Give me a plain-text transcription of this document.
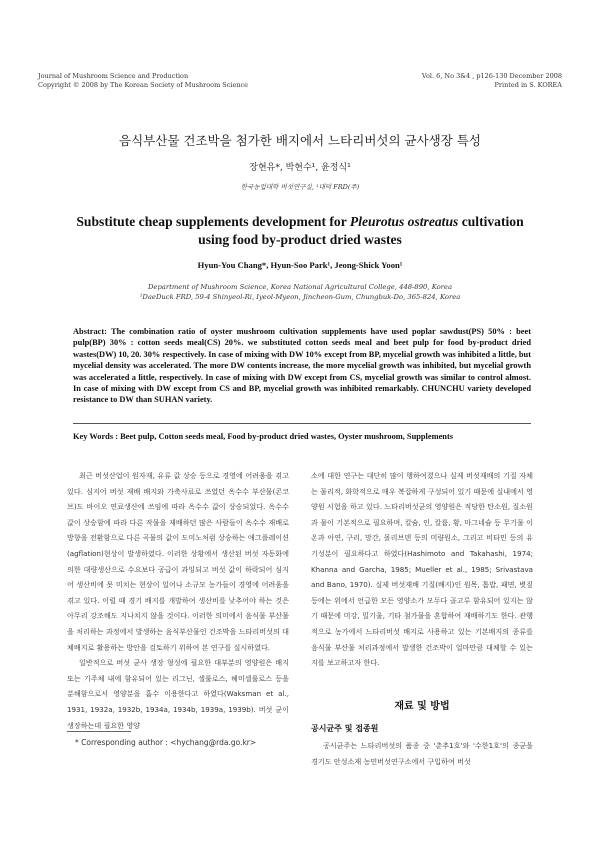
Journal of Mushroom Science and Production
Copyright © 2008 by The Korean Society of Mushroom Science
Vol. 6, No 3&4 , p126-130 December 2008
Printed in S. KOREA
음식부산물 건조박을 첨가한 배지에서 느타리버섯의 균사생장 특성
장현유*, 박현수¹, 윤정식¹
한국농업대학 버섯연구실, ¹대덕 FRD(주)
Substitute cheap supplements development for Pleurotus ostreatus cultivation
using food by-product dried wastes
Hyun-You Chang*, Hyun-Soo Park¹, Jeong-Shick Yoon¹
Department of Mushroom Science, Korea National Agricultural College, 448-890, Korea
¹DaeDuck FRD, 59-4 Shinyeol-Ri, Iyeol-Myeon, Jincheon-Gum, Chungbuk-Do, 365-824, Korea
Abstract: The combination ratio of oyster mushroom cultivation supplements have used poplar sawdust(PS) 50% : beet pulp(BP) 30% : cotton seeds meal(CS) 20%. we substituted cotton seeds meal and beet pulp for food by-product dried wastes(DW) 10, 20. 30% respectively. In case of mixing with DW 10% except from BP, mycelial growth was inhibited a little, but mycelial density was accelerated. The more DW contents increase, the more mycelial growth was inhibited, but mycelial growth was accelerated a little, respectively. In case of mixing with DW except from CS, mycelial growth was similar to control almost. In case of mixing with DW except from CS and BP, mycelial growth was inhibited remarkably. CHUNCHU variety developed resistance to DW than SUHAN variety.
Key Words : Beet pulp, Cotton seeds meal, Food by-product dried wastes, Oyster mushroom, Supplements

최근 버섯산업이 원자재, 유류 값 상승 등으로 경영에 어려움을 겪고 있다. 심지어 버섯 재배 배지와 가축사료로 쓰였던 옥수수 부산물(콘코브)도 바이오 연료생산에 쓰임에 따라 옥수수 값이 상승되었다. 옥수수 값이 상승함에 따라 다른 작물을 재배하던 많은 사람들이 옥수수 재배로 방향을 전환함으로 다른 곡물의 값이 도미노처럼 상승하는 애그플레이션(agflation)현상이 발생하였다. 이러한 상황에서 생산된 버섯 자동화에 의한 대량생산으로 수요보다 공급이 과잉되고 버섯 값이 하락되어 심지어 생산비에 못 미치는 현상이 일어나 소규모 농가들이 경영에 어려움을 겪고 있다. 이럴 때 경기 배지를 개발하여 생산비를 낮추어야 하는 것은 아무리 강조해도 지나치지 않을 것이다. 이러한 의미에서 음식물 부산물을 처리하는 과정에서 발생하는 음식부산물인 건조박을 느타리버섯의 대체배지로 활용하는 방안을 검토하기 위하여 본 연구를 실시하였다.

일반적으로 버섯 균사 생장 형성에 필요한 대부분의 영양원은 배지 또는 기주체 내에 함유되어 있는 리그닌, 셀룰로스, 헤미셀룰로스 등을 분해함으로서 영양분을 흡수 이용한다고 하였다(Waksman et al., 1931, 1932a, 1932b, 1934a, 1934b, 1939a, 1939b). 버섯 균이 생장하는데 필요한 영양

* Corresponding author : <hychang@rda.go.kr>

소에 대한 연구는 대단히 많이 행하여졌으나 실제 버섯재배의 기질 자체는 물리적, 화학적으로 매우 복잡하게 구성되어 있기 때문에 실내에서 영양원 시험을 하고 있다. 느타리버섯균의 영양원은 적당한 탄소원, 질소원과 물이 기본적으로 필요하며, 칼슘, 인, 칼륨, 황, 마그네슘 등 무기물 이온과 아연, 구리, 망간, 몰리브덴 등의 미량원소, 그리고 비타민 등의 유기성분이 필요하다고 하였다(Hashimoto and Takahashi, 1974; Khanna and Garcha, 1985; Mueller et al., 1985; Srivastava and Bano, 1970). 실제 버섯재배 기질(배지)인 원목, 톱밥, 패면, 볏짚 등에는 위에서 언급한 모든 영양소가 모두다 골고루 함유되어 있지는 않기 때문에 미강, 밀기울, 기타 첨가물을 혼합하여 재배하기도 한다. 관행적으로 농가에서 느타리버섯 배지로 사용하고 있는 기본배지의 종류를 음식물 부산물 처리과정에서 발생한 건조박이 얼마만큼 대체할 수 있는지를 보고하고자 한다.

재료 및 방법
공시균주 및 접종원

공시균주는 느타리버섯의 품종 중 '춘추1호'와 '수한1호'의 종균을 경기도 안성소재 농민버섯연구소에서 구입하여 버섯
